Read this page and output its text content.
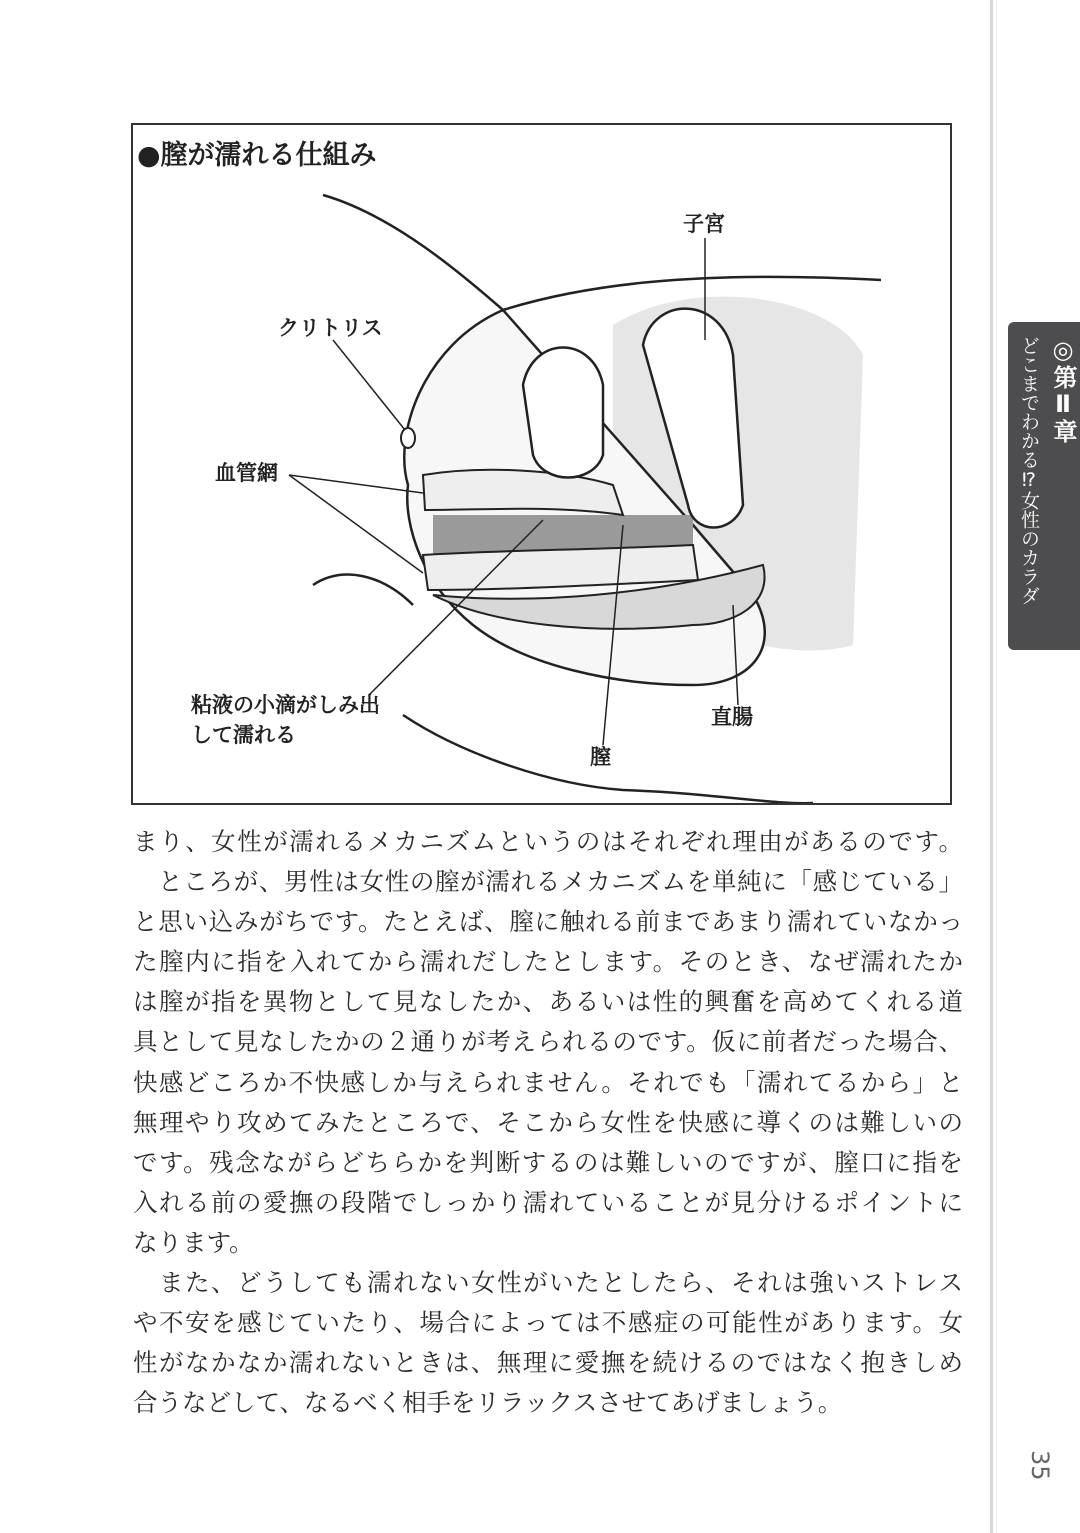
◎第Ⅱ章
どこまでわかる⁉女性のカラダ
35
●膣が濡れる仕組み
子宮
クリトリス
血管網
粘液の小滴がしみ出
して濡れる
直腸
膣
まり、女性が濡れるメカニズムというのはそれぞれ理由があるのです。
　ところが、男性は女性の膣が濡れるメカニズムを単純に「感じている」
と思い込みがちです。たとえば、膣に触れる前まであまり濡れていなかっ
た膣内に指を入れてから濡れだしたとします。そのとき、なぜ濡れたか
は膣が指を異物として見なしたか、あるいは性的興奮を高めてくれる道
具として見なしたかの２通りが考えられるのです。仮に前者だった場合、
快感どころか不快感しか与えられません。それでも「濡れてるから」と
無理やり攻めてみたところで、そこから女性を快感に導くのは難しいの
です。残念ながらどちらかを判断するのは難しいのですが、膣口に指を
入れる前の愛撫の段階でしっかり濡れていることが見分けるポイントに
なります。
　また、どうしても濡れない女性がいたとしたら、それは強いストレス
や不安を感じていたり、場合によっては不感症の可能性があります。女
性がなかなか濡れないときは、無理に愛撫を続けるのではなく抱きしめ
合うなどして、なるべく相手をリラックスさせてあげましょう。
